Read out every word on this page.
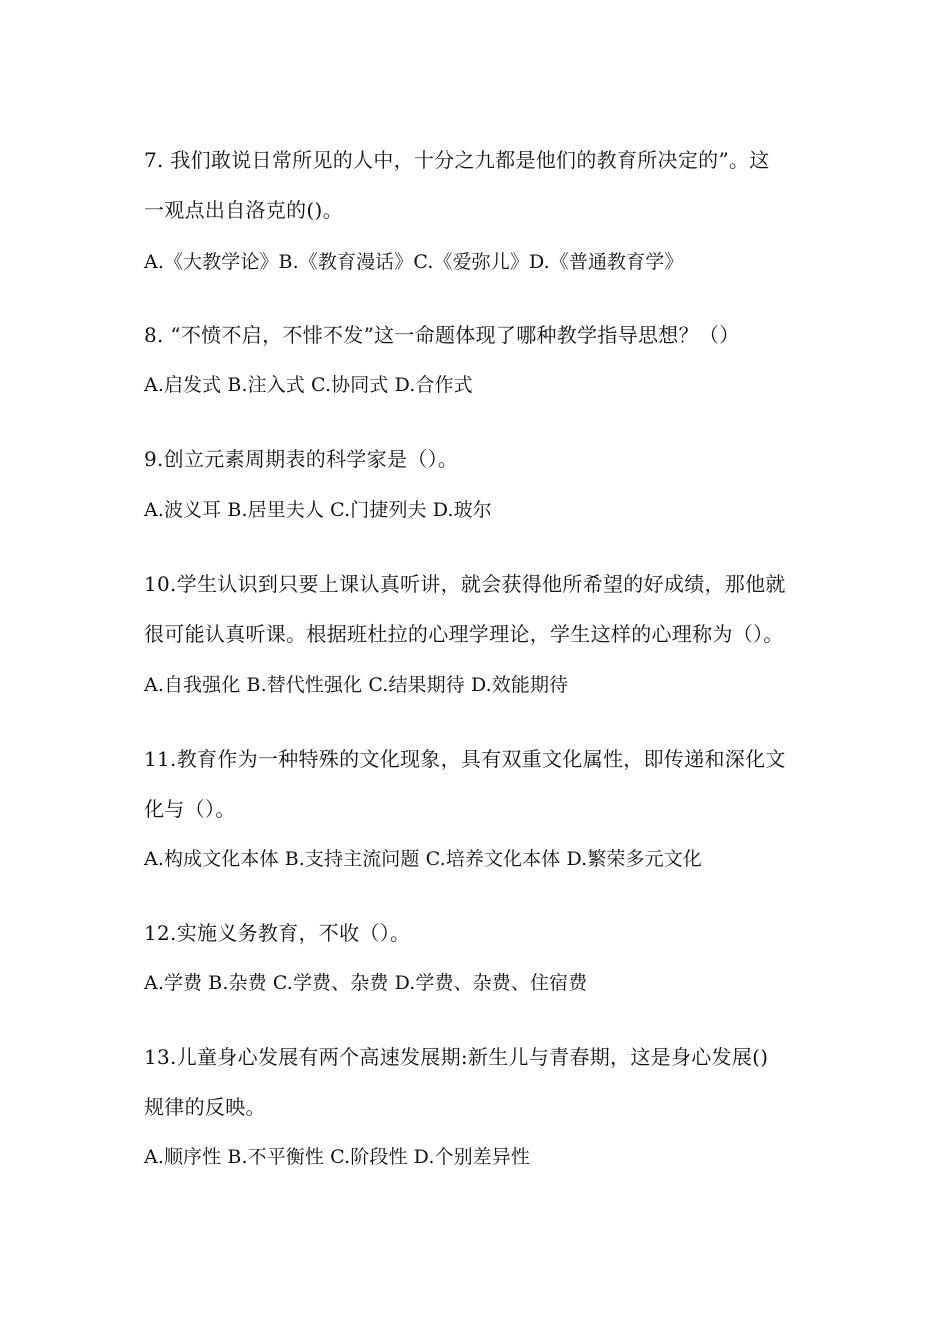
7. 我们敢说日常所见的人中，十分之九都是他们的教育所决定的”。这
一观点出自洛克的()。
A.《大教学论》B.《教育漫话》C.《爱弥儿》D.《普通教育学》
8. “不愤不启，不悱不发”这一命题体现了哪种教学指导思想？（）
A.启发式 B.注入式 C.协同式 D.合作式
9.创立元素周期表的科学家是（）。
A.波义耳 B.居里夫人 C.门捷列夫 D.玻尔
10.学生认识到只要上课认真听讲，就会获得他所希望的好成绩，那他就
很可能认真听课。根据班杜拉的心理学理论，学生这样的心理称为（）。
A.自我强化 B.替代性强化 C.结果期待 D.效能期待
11.教育作为一种特殊的文化现象，具有双重文化属性，即传递和深化文
化与（）。
A.构成文化本体 B.支持主流问题 C.培养文化本体 D.繁荣多元文化
12.实施义务教育，不收（）。
A.学费 B.杂费 C.学费、杂费 D.学费、杂费、住宿费
13.儿童身心发展有两个高速发展期:新生儿与青春期，这是身心发展()
规律的反映。
A.顺序性 B.不平衡性 C.阶段性 D.个别差异性
